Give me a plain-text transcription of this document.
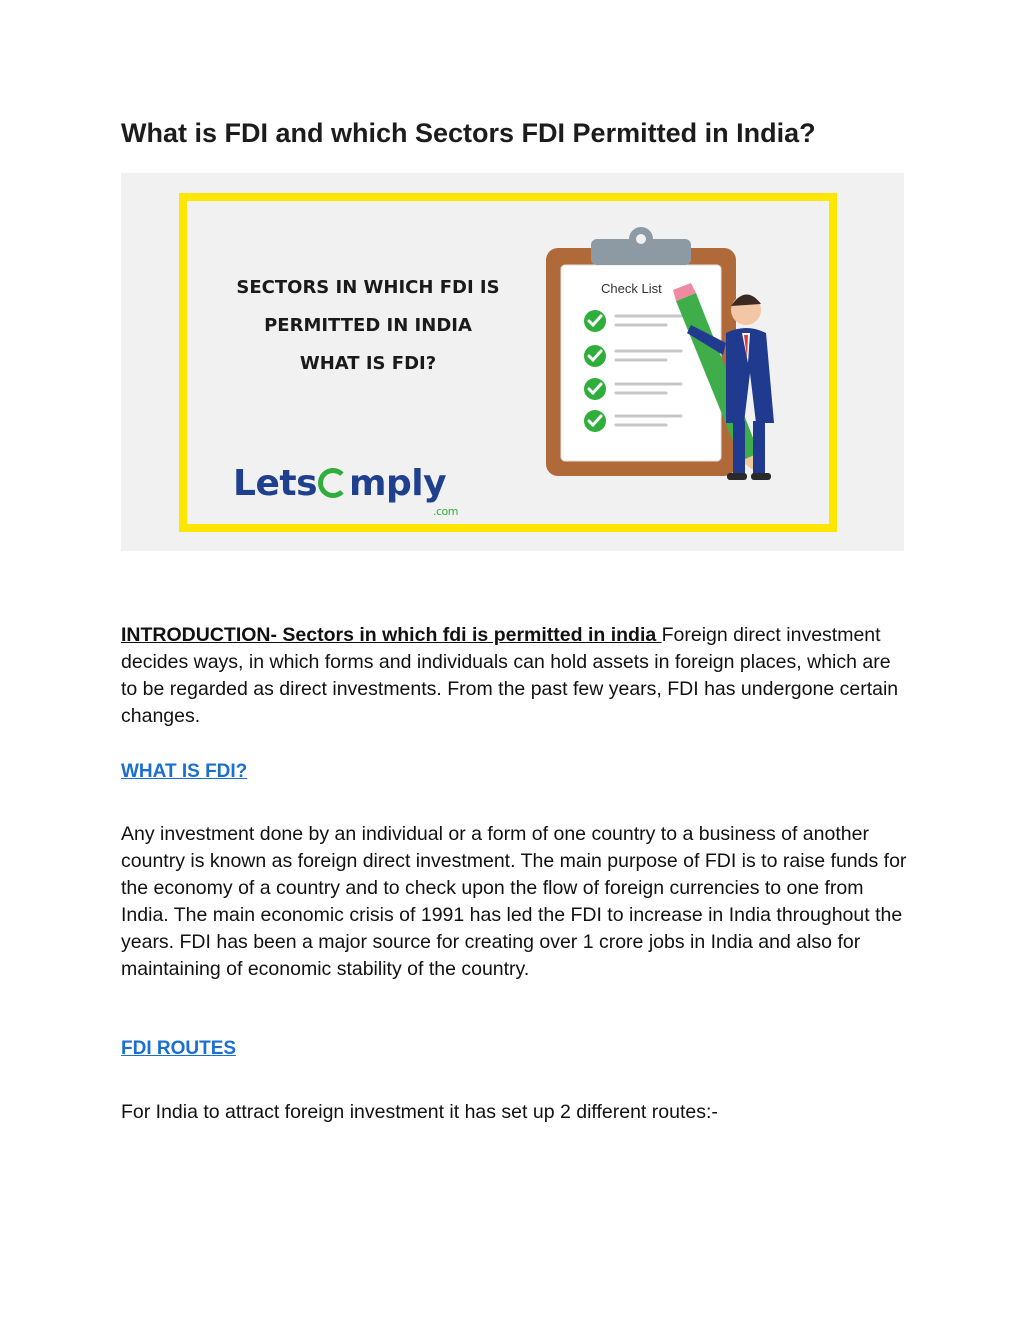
What is FDI and which Sectors FDI Permitted in India?
SECTORS IN WHICH FDI IS
PERMITTED IN INDIA
WHAT IS FDI?
Lets mply
.com
Check List

INTRODUCTION- Sectors in which fdi is permitted in india Foreign direct investment decides ways, in which forms and individuals can hold assets in foreign places, which are to be regarded as direct investments. From the past few years, FDI has undergone certain changes.

WHAT IS FDI?

Any investment done by an individual or a form of one country to a business of another country is known as foreign direct investment. The main purpose of FDI is to raise funds for the economy of a country and to check upon the flow of foreign currencies to one from India. The main economic crisis of 1991 has led the FDI to increase in India throughout the years. FDI has been a major source for creating over 1 crore jobs in India and also for maintaining of economic stability of the country.

FDI ROUTES

For India to attract foreign investment it has set up 2 different routes:-
